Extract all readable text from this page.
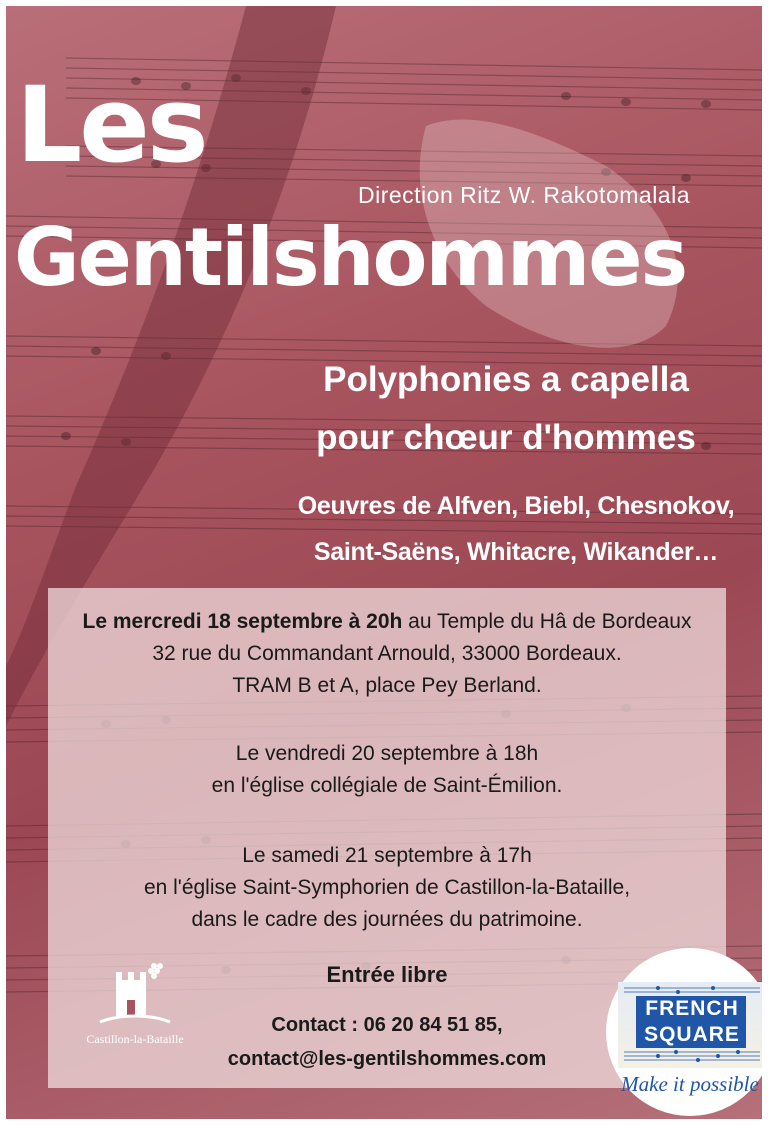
Les
Direction Ritz W. Rakotomalala
Gentilshommes
Polyphonies a capella
pour chœur d'hommes
Oeuvres de Alfven, Biebl, Chesnokov,
Saint-Saëns, Whitacre, Wikander…
Le mercredi 18 septembre à 20h au Temple du Hâ de Bordeaux
32 rue du Commandant Arnould, 33000 Bordeaux.
TRAM B et A, place Pey Berland.
Le vendredi 20 septembre à 18h
en l'église collégiale de Saint-Émilion.
Le samedi 21 septembre à 17h
en l'église Saint-Symphorien de Castillon-la-Bataille,
dans le cadre des journées du patrimoine.
Entrée libre
Contact : 06 20 84 51 85,
contact@les-gentilshommes.com
Castillon-la-Bataille
FRENCH
SQUARE
Make it possible
